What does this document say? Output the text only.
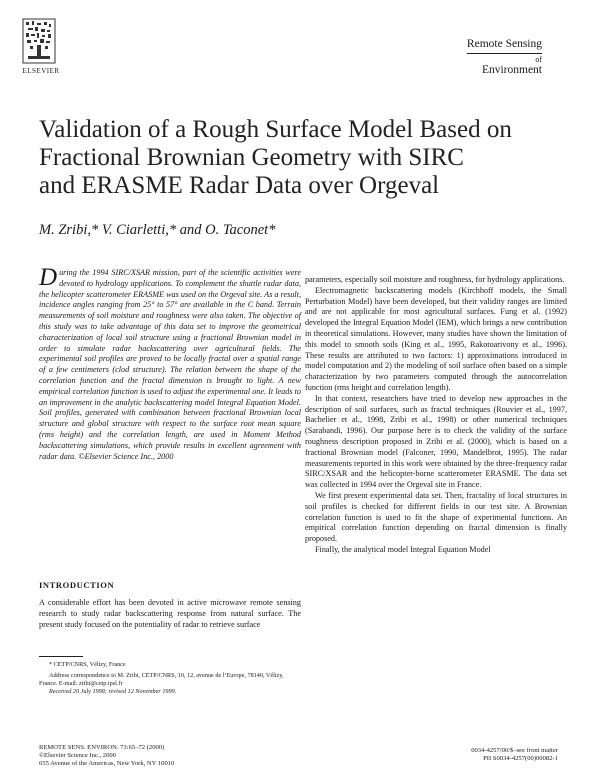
ELSEVIER
Remote Sensing
of
Environment
Validation of a Rough Surface Model Based on
Fractional Brownian Geometry with SIRC
and ERASME Radar Data over Orgeval
M. Zribi,* V. Ciarletti,* and O. Taconet*

During the 1994 SIRC/XSAR mission, part of the scientific activities were devoted to hydrology applications. To complement the shuttle radar data, the helicopter scatterometer ERASME was used on the Orgeval site. As a result, incidence angles ranging from 25° to 57° are available in the C band. Terrain measurements of soil moisture and roughness were also taken. The objective of this study was to take advantage of this data set to improve the geometrical characterization of local soil structure using a fractional Brownian model in order to simulate radar backscattering over agricultural fields. The experimental soil profiles are proved to be locally fractal over a spatial range of a few centimeters (clod structure). The relation between the shape of the correlation function and the fractal dimension is brought to light. A new empirical correlation function is used to adjust the experimental one. It leads to an improvement in the analytic backscattering model Integral Equation Model. Soil profiles, generated with combination between fractional Brownian local structure and global structure with respect to the surface root mean square (rms height) and the correlation length, are used in Moment Method backscattering simulations, which provide results in excellent agreement with radar data. ©Elsevier Science Inc., 2000

INTRODUCTION

A considerable effort has been devoted in active microwave remote sensing research to study radar backscattering response from natural surface. The present study focused on the potentiality of radar to retrieve surface

* CETP/CNRS, Vélizy, France
Address correspondence to M. Zribi, CETP/CNRS, 10, 12, avenue de l’Europe, 78140, Vélizy, France. E-mail: zribi@cetp.ipsl.fr
Received 20 July 1998; revised 12 November 1999.
REMOTE SENS. ENVIRON. 73:65–72 (2000)
©Elsevier Science Inc., 2000
655 Avenue of the Americas, New York, NY 10010

parameters, especially soil moisture and roughness, for hydrology applications.

Electromagnetic backscattering models (Kirchhoff models, the Small Perturbation Model) have been developed, but their validity ranges are limited and are not applicable for most agricultural surfaces. Fung et al. (1992) developed the Integral Equation Model (IEM), which brings a new contribution in theoretical simulations. However, many studies have shown the limitation of this model to smooth soils (King et al., 1995, Rakotoarivony et al., 1996). These results are attributed to two factors: 1) approximations introduced in model computation and 2) the modeling of soil surface often based on a simple characterization by two parameters computed through the autocorrelation function (rms height and correlation length).

In that context, researchers have tried to develop new approaches in the description of soil surfaces, such as fractal techniques (Rouvier et al., 1997, Bachelier et al., 1998, Zribi et al., 1998) or other numerical techniques (Sarabandi, 1996). Our purpose here is to check the validity of the surface roughness description proposed in Zribi et al. (2000), which is based on a fractional Brownian model (Falconer, 1990, Mandelbrot, 1995). The radar measurements reported in this work were obtained by the three-frequency radar SIRC/XSAR and the helicopter-borne scatterometer ERASME. The data set was collected in 1994 over the Orgeval site in France.

We first present experimental data set. Then, fractality of local structures in soil profiles is checked for different fields in our test site. A Brownian correlation function is used to fit the shape of experimental functions. An empirical correlation function depending on fractal dimension is finally proposed.

Finally, the analytical model Integral Equation Model

0034-4257/00/$–see front matter
PII S0034-4257(00)00082-1
